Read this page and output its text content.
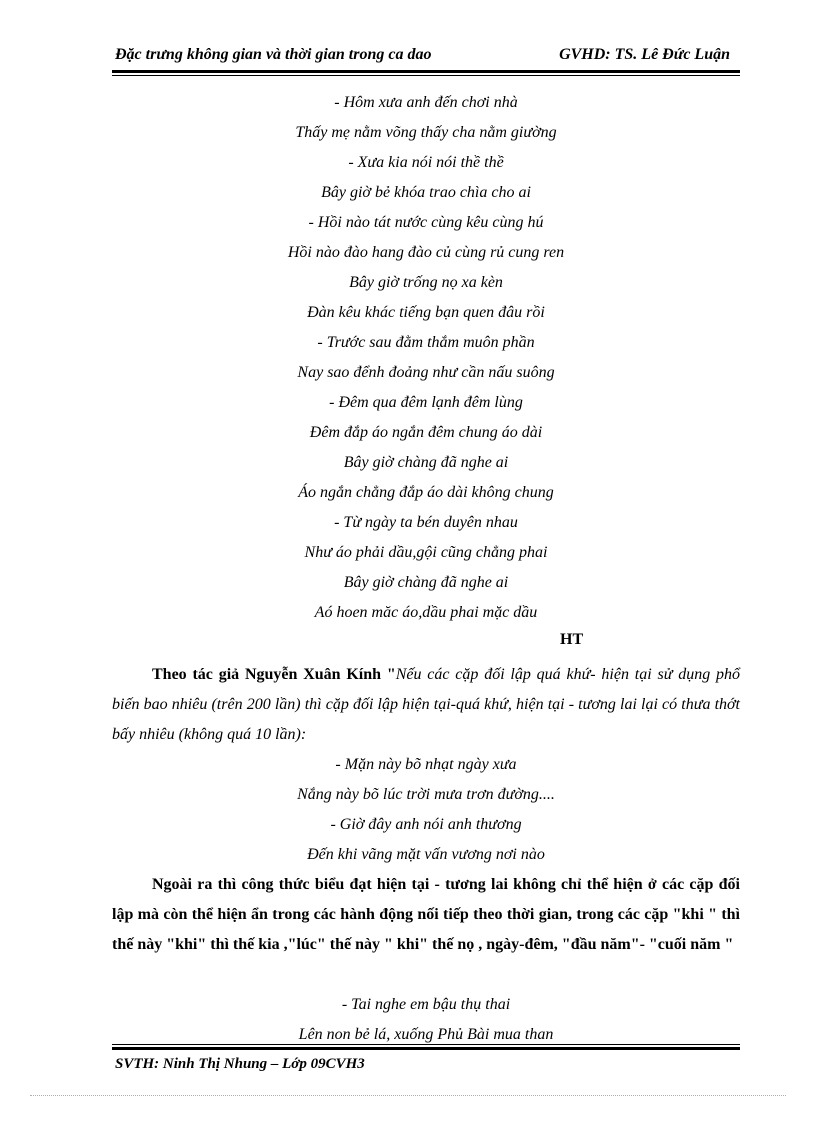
Đặc trưng không gian và thời gian trong ca dao	GVHD: TS. Lê Đức Luận
- Hôm xưa anh đến chơi nhà
Thấy mẹ nằm võng thấy cha nằm giường
- Xưa kia nói nói thề thề
Bây giờ bẻ khóa trao chìa cho ai
- Hồi nào tát nước cùng kêu cùng hú
Hồi nào đào hang đào củ cùng rủ cung ren
Bây giờ trống nọ xa kèn
Đàn kêu khác tiếng bạn quen đâu rồi
- Trước sau đằm thắm muôn phần
Nay sao đểnh đoảng như cần nấu suông
- Đêm qua đêm lạnh đêm lùng
Đêm đắp áo ngắn đêm chung áo dài
Bây giờ chàng đã nghe ai
Áo ngắn chẳng đắp áo dài không chung
- Từ ngày ta bén duyên nhau
Như áo phải dầu,gội cũng chẳng phai
Bây giờ chàng đã nghe ai
Aó hoen măc áo,dầu phai mặc dầu
HT
Theo tác giả Nguyễn Xuân Kính "Nếu các cặp đối lập quá khứ- hiện tại sử dụng phổ biến bao nhiêu (trên 200 lần) thì cặp đối lập hiện tại-quá khứ, hiện tại - tương lai lại có thưa thớt bấy nhiêu (không quá 10 lần):
- Mặn này bõ nhạt ngày xưa
Nắng này bõ lúc trời mưa trơn đường....
- Giờ đây anh nói anh thương
Đến khi vãng mặt vấn vương nơi nào
Ngoài ra thì công thức biểu đạt hiện tại - tương lai không chỉ thể hiện ở các cặp đối lập mà còn thể hiện ẩn trong các hành động nối tiếp theo thời gian, trong các cặp "khi " thì thế này "khi" thì thế kia ,"lúc" thế này " khi" thế nọ , ngày-đêm, "đầu năm"- "cuối năm "
- Tai nghe em bậu thụ thai
Lên non bẻ lá, xuống Phủ Bài mua than
SVTH: Ninh Thị Nhung – Lớp 09CVH3
